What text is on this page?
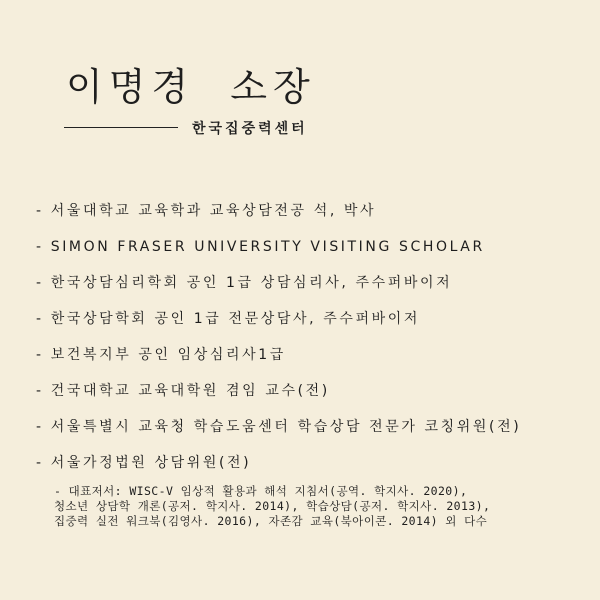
이명경  소장
한국집중력센터
- 서울대학교 교육학과 교육상담전공 석, 박사
- SIMON FRASER UNIVERSITY VISITING SCHOLAR
- 한국상담심리학회 공인 1급 상담심리사, 주수퍼바이저
- 한국상담학회 공인 1급 전문상담사, 주수퍼바이저
- 보건복지부 공인 임상심리사1급
- 건국대학교 교육대학원 겸임 교수(전)
- 서울특별시 교육청 학습도움센터 학습상담 전문가 코칭위원(전)
- 서울가정법원 상담위원(전)
- 대표저서: WISC-V 임상적 활용과 해석 지침서(공역. 학지사. 2020),
청소년 상담학 개론(공저. 학지사. 2014), 학습상담(공저. 학지사. 2013),
집중력 실전 워크북(김영사. 2016), 자존감 교육(북아이콘. 2014) 외 다수
